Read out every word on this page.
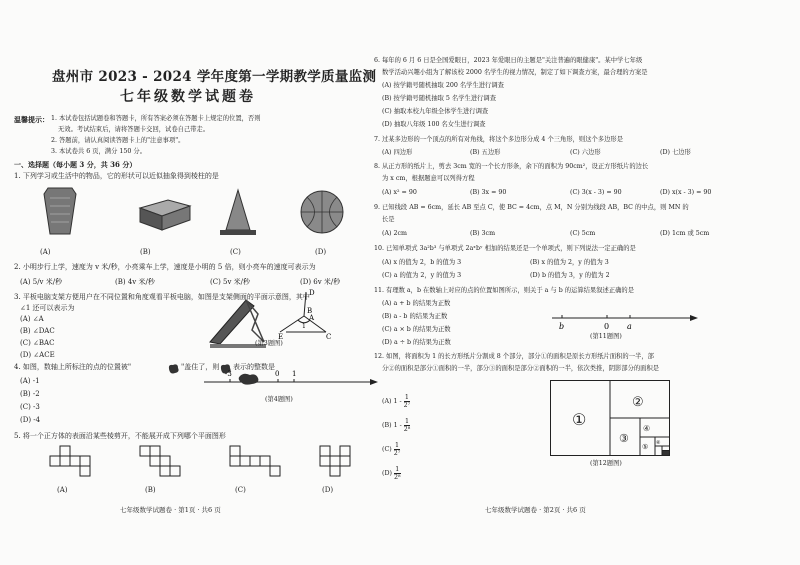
盘州市 2023 - 2024 学年度第一学期教学质量监测
七年级数学试题卷
温馨提示： 1. 本试卷包括试题卷和答题卡，所有答案必须在答题卡上规定的位置，否则
无效。考试结束后，请将答题卡交回，试卷自己带走。
2. 答题前，请认真阅读答题卡上的"注意事项"。
3. 本试卷共 6 页，满分 150 分。
一、选择题（每小题 3 分，共 36 分）
1. 下列学习或生活中的物品，它的形状可以近似抽象得到棱柱的是
(A)	(B)	(C)	(D)
2. 小明步行上学，速度为 v 米/秒，小亮乘车上学，速度是小明的 5 倍，则小亮车的速度可表示为
(A) 5/v 米/秒	(B) 4v 米/秒	(C) 5v 米/秒	(D) 6v 米/秒
3. 平板电脑支架方便用户在不同位置和角度观看平板电脑，如图是支架侧面的平面示意图，其中
∠1 还可以表示为
(A) ∠A
(B) ∠DAC
(C) ∠BAC
(D) ∠ACE
D
B
A
E	C
1
(第3题图)
4. 如图，数轴上所标注的点的位置被"	"盖住了，则 表示的整数是
(A) -1
(B) -2
(C) -3
(D) -4
-3	0 1
(第4题图)
5. 将一个正方体的表面沿某些棱剪开，不能展开成下列哪个平面图形
(A)	(B)	(C)	(D)
七年级数学试题卷 · 第1页 · 共6 页
6. 每年的 6 月 6 日是全国爱眼日，2023 年爱眼日的主题是"关注普遍的眼健康"。某中学七年级
数学活动兴趣小组为了解该校 2000 名学生的视力情况，制定了如下调查方案，最合理的方案是
(A) 按学籍号随机抽取 200 名学生进行调查
(B) 按学籍号随机抽取 5 名学生进行调查
(C) 抽取本校九年级全体学生进行调查
(D) 抽取八年级 100 名女生进行调查
7. 过某多边形的一个顶点的所有对角线，将这个多边形分成 4 个三角形，则这个多边形是
(A) 四边形	(B) 五边形	(C) 六边形	(D) 七边形
8. 从正方形的纸片上，剪去 3cm 宽的一个长方形条，余下的面积为 90cm²，设正方形纸片的边长
为 x cm，根据题意可以列得方程
(A) x² = 90	(B) 3x = 90	(C) 3(x - 3) = 90	(D) x(x - 3) = 90
9. 已知线段 AB = 6cm，延长 AB 至点 C，使 BC = 4cm，点 M，N 分别为线段 AB，BC 的中点，则 MN 的
长是
(A) 2cm	(B) 3cm	(C) 5cm	(D) 1cm 或 5cm
10. 已知单项式 3a²b³ 与单项式 2aˣbʸ 相加的结果还是一个单项式，则下列说法一定正确的是
(A) x 的值为 2，b 的值为 3	(B) x 的值为 2，y 的值为 3
(C) a 的值为 2，y 的值为 3	(D) b 的值为 3，y 的值为 2
11. 有理数 a，b 在数轴上对应的点的位置如图所示，则关于 a 与 b 的运算结果叙述正确的是
(A) a + b 的结果为正数
(B) a - b 的结果为正数
(C) a × b 的结果为正数
(D) a ÷ b 的结果为正数
b	0 a
(第11题图)
12. 如图，将面积为 1 的长方形纸片分割成 8 个部分，部分①的面积是原长方形纸片面积的一半，部
分②的面积是部分①面积的一半，部分③的面积是部分②面积的一半，依次类推，阴影部分的面积是
(A) $1 - \frac{1}{\text{2⁷}}$
(B) $1 - \frac{1}{\text{2⁸}}$
$(C) \frac{1}{\text{2⁷}}$
$(D) \frac{1}{\text{2⁸}}$
①
②
③
④
⑤ ⑥
(第12题图)
七年级数学试题卷 · 第2页 · 共6 页
